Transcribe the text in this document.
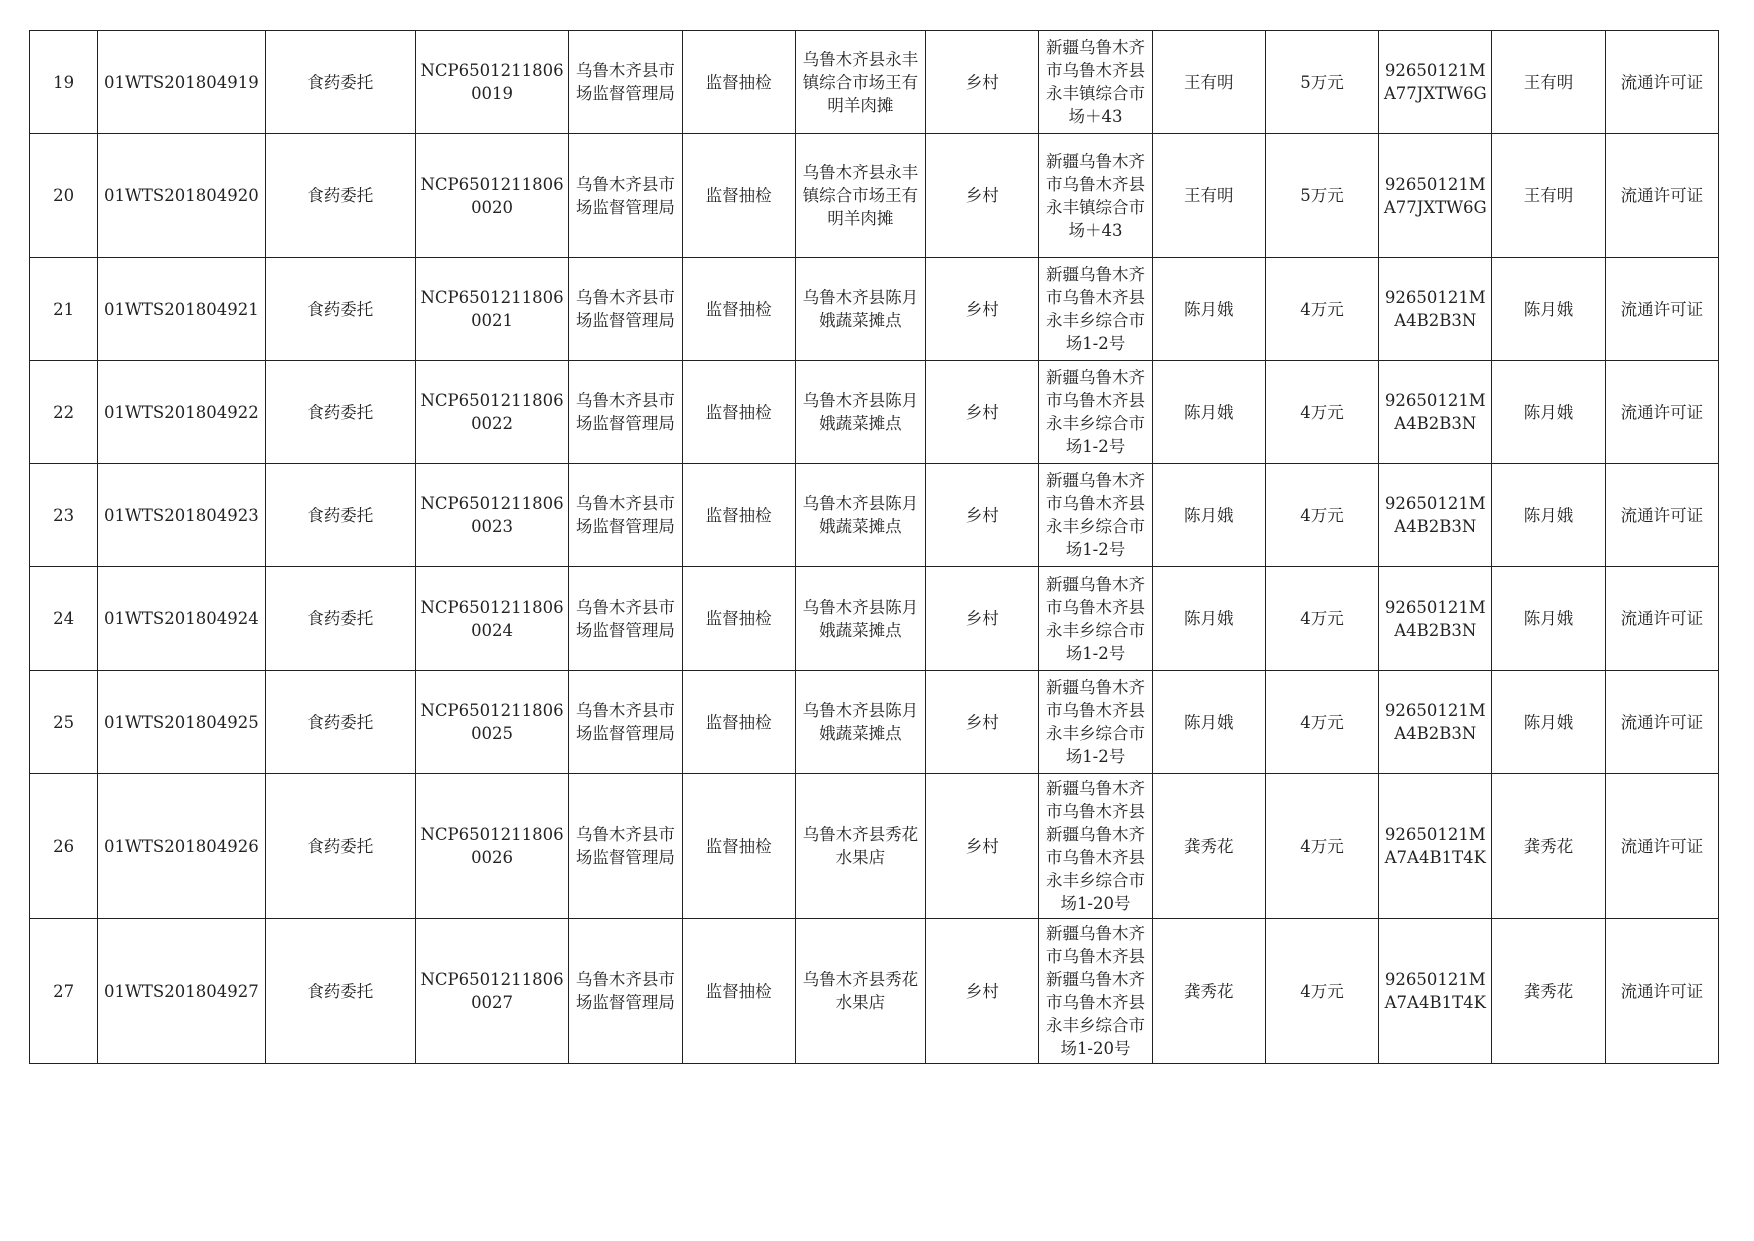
19	01WTS201804919	食药委托	NCP65012118060019	乌鲁木齐县市场监督管理局	监督抽检	乌鲁木齐县永丰镇综合市场王有明羊肉摊	乡村	新疆乌鲁木齐市乌鲁木齐县永丰镇综合市场＋43	王有明	5万元	92650121MA77JXTW6G	王有明	流通许可证
20	01WTS201804920	食药委托	NCP65012118060020	乌鲁木齐县市场监督管理局	监督抽检	乌鲁木齐县永丰镇综合市场王有明羊肉摊	乡村	新疆乌鲁木齐市乌鲁木齐县永丰镇综合市场＋43	王有明	5万元	92650121MA77JXTW6G	王有明	流通许可证
21	01WTS201804921	食药委托	NCP65012118060021	乌鲁木齐县市场监督管理局	监督抽检	乌鲁木齐县陈月娥蔬菜摊点	乡村	新疆乌鲁木齐市乌鲁木齐县永丰乡综合市场1-2号	陈月娥	4万元	92650121MA4B2B3N	陈月娥	流通许可证
22	01WTS201804922	食药委托	NCP65012118060022	乌鲁木齐县市场监督管理局	监督抽检	乌鲁木齐县陈月娥蔬菜摊点	乡村	新疆乌鲁木齐市乌鲁木齐县永丰乡综合市场1-2号	陈月娥	4万元	92650121MA4B2B3N	陈月娥	流通许可证
23	01WTS201804923	食药委托	NCP65012118060023	乌鲁木齐县市场监督管理局	监督抽检	乌鲁木齐县陈月娥蔬菜摊点	乡村	新疆乌鲁木齐市乌鲁木齐县永丰乡综合市场1-2号	陈月娥	4万元	92650121MA4B2B3N	陈月娥	流通许可证
24	01WTS201804924	食药委托	NCP65012118060024	乌鲁木齐县市场监督管理局	监督抽检	乌鲁木齐县陈月娥蔬菜摊点	乡村	新疆乌鲁木齐市乌鲁木齐县永丰乡综合市场1-2号	陈月娥	4万元	92650121MA4B2B3N	陈月娥	流通许可证
25	01WTS201804925	食药委托	NCP65012118060025	乌鲁木齐县市场监督管理局	监督抽检	乌鲁木齐县陈月娥蔬菜摊点	乡村	新疆乌鲁木齐市乌鲁木齐县永丰乡综合市场1-2号	陈月娥	4万元	92650121MA4B2B3N	陈月娥	流通许可证
26	01WTS201804926	食药委托	NCP65012118060026	乌鲁木齐县市场监督管理局	监督抽检	乌鲁木齐县秀花水果店	乡村	新疆乌鲁木齐市乌鲁木齐县新疆乌鲁木齐市乌鲁木齐县永丰乡综合市场1-20号	龚秀花	4万元	92650121MA7A4B1T4K	龚秀花	流通许可证
27	01WTS201804927	食药委托	NCP65012118060027	乌鲁木齐县市场监督管理局	监督抽检	乌鲁木齐县秀花水果店	乡村	新疆乌鲁木齐市乌鲁木齐县新疆乌鲁木齐市乌鲁木齐县永丰乡综合市场1-20号	龚秀花	4万元	92650121MA7A4B1T4K	龚秀花	流通许可证
